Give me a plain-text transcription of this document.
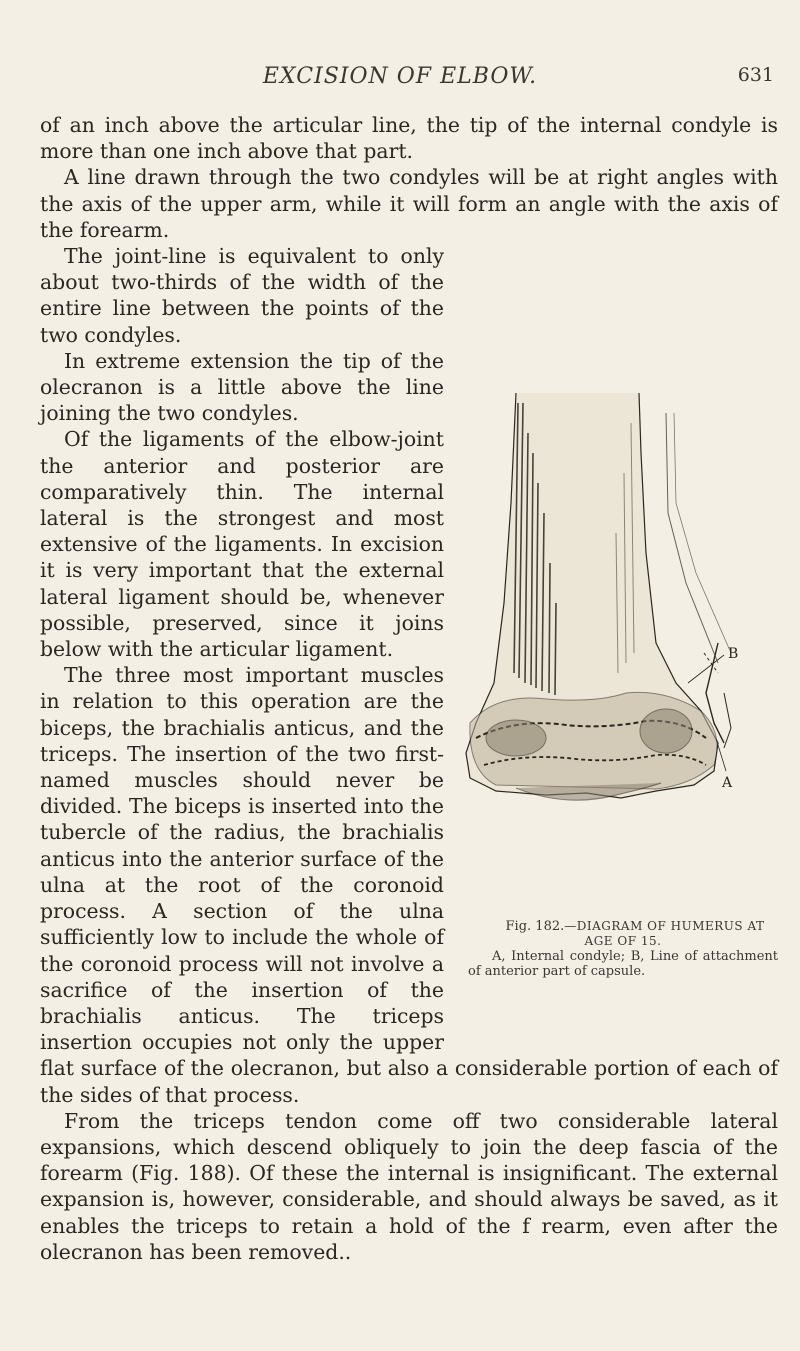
EXCISION OF ELBOW.	631

of an inch above the articular line, the tip of the internal condyle is more than one inch above that part.

A line drawn through the two condyles will be at right angles with the axis of the upper arm, while it will form an angle with the axis of the forearm.

B
A

Fig. 182.—DIAGRAM OF HUMERUS AT AGE OF 15.

A, Internal condyle; B, Line of attachment of anterior part of capsule.

The joint-line is equivalent to only about two-thirds of the width of the entire line between the points of the two condyles.

In extreme extension the tip of the olecranon is a little above the line joining the two condyles.

Of the ligaments of the elbow-joint the anterior and posterior are comparatively thin. The internal lateral is the strongest and most extensive of the ligaments. In excision it is very important that the external lateral ligament should be, whenever possible, preserved, since it joins below with the articular ligament.

The three most important muscles in relation to this operation are the biceps, the brachialis anticus, and the triceps. The insertion of the two first-named muscles should never be divided. The biceps is inserted into the tubercle of the radius, the brachialis anticus into the anterior surface of the ulna at the root of the coronoid process. A section of the ulna sufficiently low to include the whole of the coronoid process will not involve a sacrifice of the insertion of the brachialis anticus. The triceps insertion occupies not only the upper flat surface of the olecranon, but also a considerable portion of each of the sides of that process.

From the triceps tendon come off two considerable lateral expansions, which descend obliquely to join the deep fascia of the forearm (Fig. 188). Of these the internal is insignificant. The external expansion is, however, considerable, and should always be saved, as it enables the triceps to retain a hold of the f rearm, even after the olecranon has been removed..
